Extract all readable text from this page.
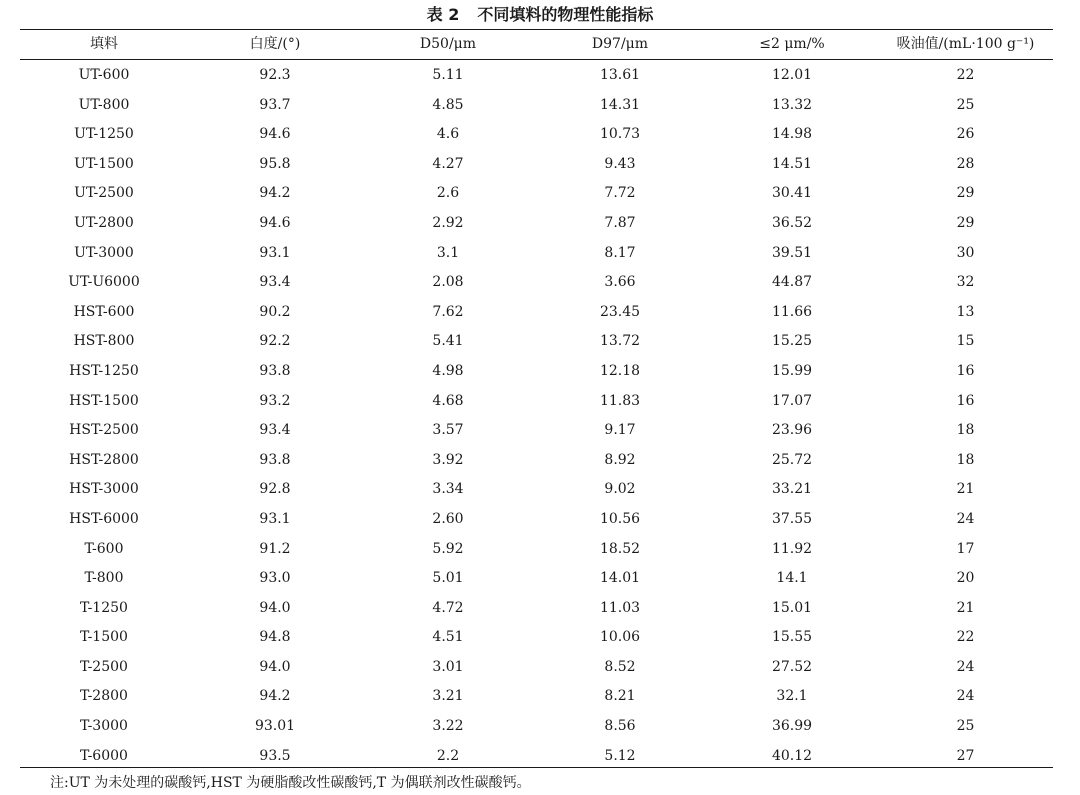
表 2 不同填料的物理性能指标
填料	白度/(°)	D50/μm	D97/μm	≤2 μm/%	吸油值/(mL·100 g⁻¹)
UT-600	92.3	5.11	13.61	12.01	22
UT-800	93.7	4.85	14.31	13.32	25
UT-1250	94.6	4.6	10.73	14.98	26
UT-1500	95.8	4.27	9.43	14.51	28
UT-2500	94.2	2.6	7.72	30.41	29
UT-2800	94.6	2.92	7.87	36.52	29
UT-3000	93.1	3.1	8.17	39.51	30
UT-U6000	93.4	2.08	3.66	44.87	32
HST-600	90.2	7.62	23.45	11.66	13
HST-800	92.2	5.41	13.72	15.25	15
HST-1250	93.8	4.98	12.18	15.99	16
HST-1500	93.2	4.68	11.83	17.07	16
HST-2500	93.4	3.57	9.17	23.96	18
HST-2800	93.8	3.92	8.92	25.72	18
HST-3000	92.8	3.34	9.02	33.21	21
HST-6000	93.1	2.60	10.56	37.55	24
T-600	91.2	5.92	18.52	11.92	17
T-800	93.0	5.01	14.01	14.1	20
T-1250	94.0	4.72	11.03	15.01	21
T-1500	94.8	4.51	10.06	15.55	22
T-2500	94.0	3.01	8.52	27.52	24
T-2800	94.2	3.21	8.21	32.1	24
T-3000	93.01	3.22	8.56	36.99	25
T-6000	93.5	2.2	5.12	40.12	27
注:UT 为未处理的碳酸钙,HST 为硬脂酸改性碳酸钙,T 为偶联剂改性碳酸钙。
